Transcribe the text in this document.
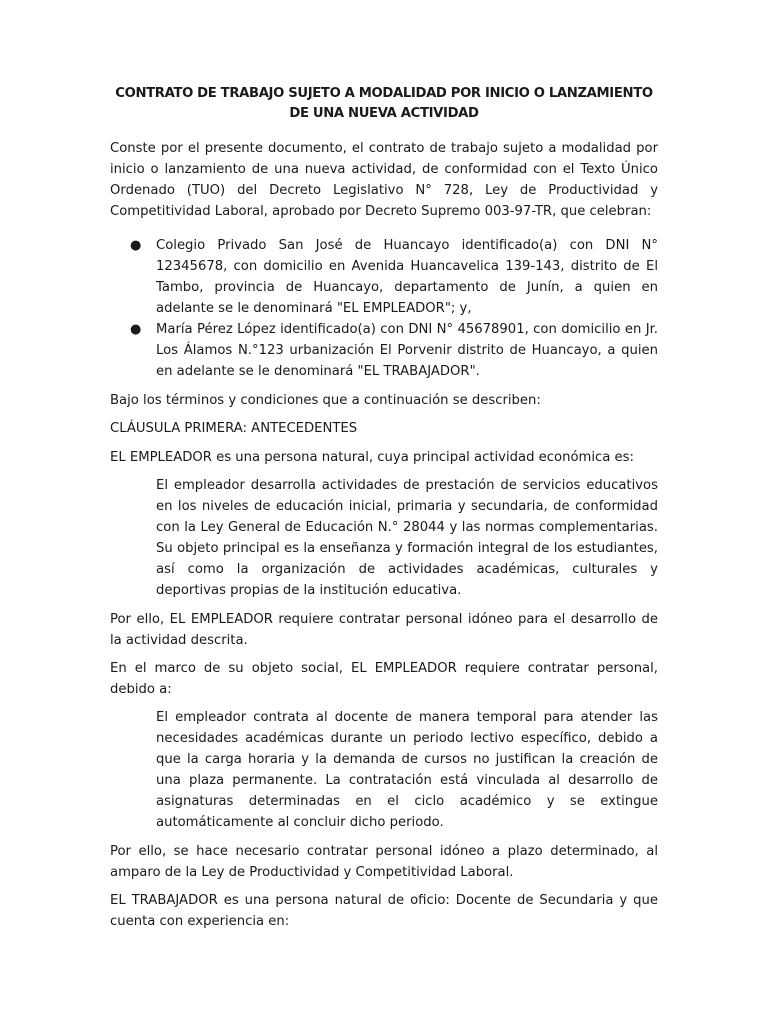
CONTRATO DE TRABAJO SUJETO A MODALIDAD POR INICIO O LANZAMIENTO DE UNA NUEVA ACTIVIDAD

Conste por el presente documento, el contrato de trabajo sujeto a modalidad por inicio o lanzamiento de una nueva actividad, de conformidad con el Texto Único Ordenado (TUO) del Decreto Legislativo N° 728, Ley de Productividad y Competitividad Laboral, aprobado por Decreto Supremo 003-97-TR, que celebran:

● Colegio Privado San José de Huancayo identificado(a) con DNI N° 12345678, con domicilio en Avenida Huancavelica 139-143, distrito de El Tambo, provincia de Huancayo, departamento de Junín, a quien en adelante se le denominará "EL EMPLEADOR"; y,
● María Pérez López identificado(a) con DNI N° 45678901, con domicilio en Jr. Los Álamos N.°123 urbanización El Porvenir distrito de Huancayo, a quien en adelante se le denominará "EL TRABAJADOR".

Bajo los términos y condiciones que a continuación se describen:

CLÁUSULA PRIMERA: ANTECEDENTES

EL EMPLEADOR es una persona natural, cuya principal actividad económica es:

El empleador desarrolla actividades de prestación de servicios educativos en los niveles de educación inicial, primaria y secundaria, de conformidad con la Ley General de Educación N.° 28044 y las normas complementarias. Su objeto principal es la enseñanza y formación integral de los estudiantes, así como la organización de actividades académicas, culturales y deportivas propias de la institución educativa.

Por ello, EL EMPLEADOR requiere contratar personal idóneo para el desarrollo de la actividad descrita.

En el marco de su objeto social, EL EMPLEADOR requiere contratar personal, debido a:

El empleador contrata al docente de manera temporal para atender las necesidades académicas durante un periodo lectivo específico, debido a que la carga horaria y la demanda de cursos no justifican la creación de una plaza permanente. La contratación está vinculada al desarrollo de asignaturas determinadas en el ciclo académico y se extingue automáticamente al concluir dicho periodo.

Por ello, se hace necesario contratar personal idóneo a plazo determinado, al amparo de la Ley de Productividad y Competitividad Laboral.

EL TRABAJADOR es una persona natural de oficio: Docente de Secundaria y que cuenta con experiencia en:
